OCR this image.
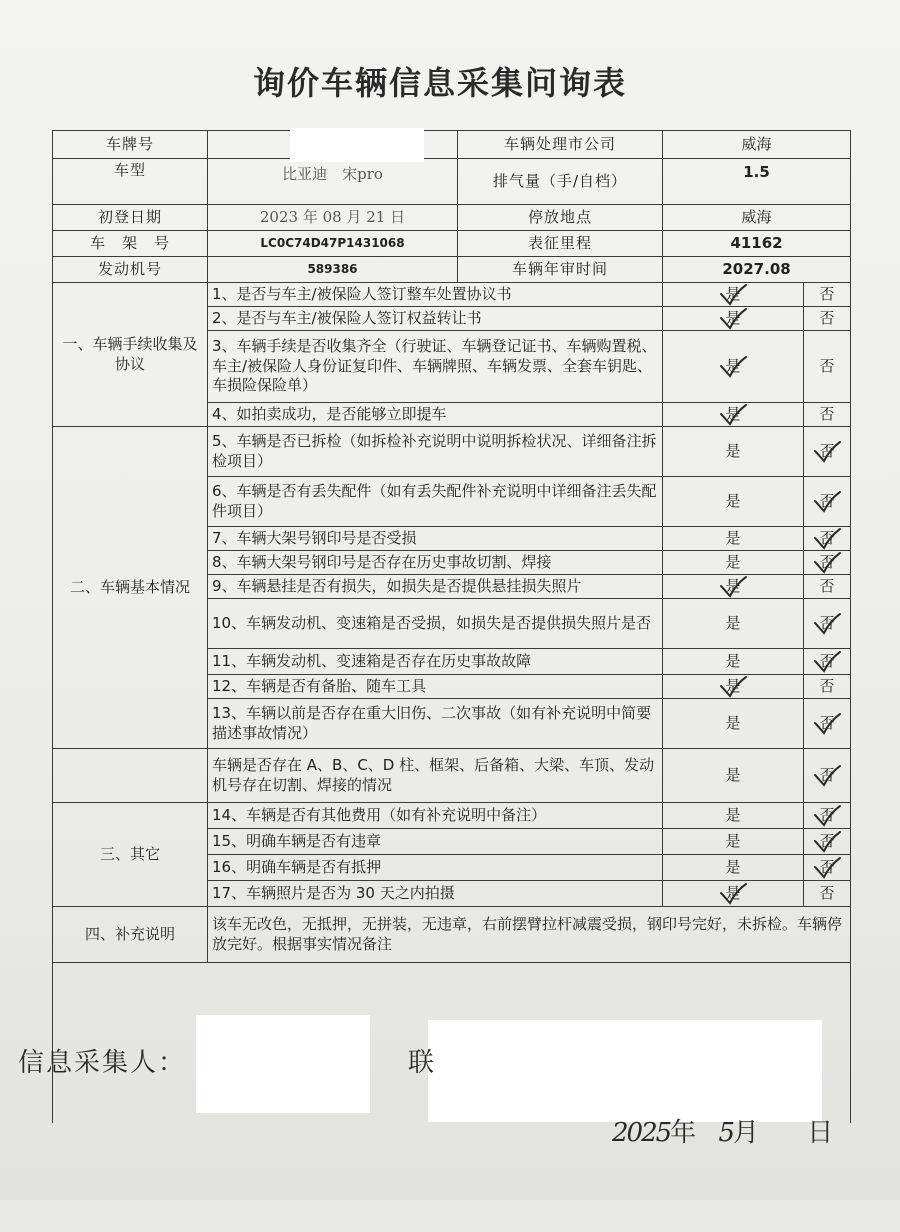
询价车辆信息采集问询表
车牌号		车辆处理市公司	威海	
车型	比亚迪　宋pro	排气量（手/自档）	1.5	
初登日期	2023 年 08 月 21 日	停放地点	威海	
车　架　号	LC0C74D47P1431068	表征里程	41162	
发动机号	589386	车辆年审时间	2027.08	
一、车辆手续收集及协议	1、是否与车主/被保险人签订整车处置协议书		是	否
	2、是否与车主/被保险人签订权益转让书		是	否
	3、车辆手续是否收集齐全（行驶证、车辆登记证书、车辆购置税、车主/被保险人身份证复印件、车辆牌照、车辆发票、全套车钥匙、车损险保险单）		是	否
	4、如拍卖成功，是否能够立即提车		是	否
二、车辆基本情况	5、车辆是否已拆检（如拆检补充说明中说明拆检状况、详细备注拆检项目）		是	否
	6、车辆是否有丢失配件（如有丢失配件补充说明中详细备注丢失配件项目）		是	否
	7、车辆大架号钢印号是否受损		是	否
	8、车辆大架号钢印号是否存在历史事故切割、焊接		是	否
	9、车辆悬挂是否有损失，如损失是否提供悬挂损失照片		是	否
	10、车辆发动机、变速箱是否受损，如损失是否提供损失照片是否		是	否
	11、车辆发动机、变速箱是否存在历史事故故障		是	否
	12、车辆是否有备胎、随车工具		是	否
	13、车辆以前是否存在重大旧伤、二次事故（如有补充说明中简要描述事故情况）		是	否
	车辆是否存在 A、B、C、D 柱、框架、后备箱、大梁、车顶、发动机号存在切割、焊接的情况		是	否
三、其它	14、车辆是否有其他费用（如有补充说明中备注）		是	否
	15、明确车辆是否有违章		是	否
	16、明确车辆是否有抵押		是	否
	17、车辆照片是否为 30 天之内拍摄		是	否
四、补充说明	该车无改色，无抵押，无拼装，无违章，右前摆臂拉杆减震受损，钢印号完好，未拆检。车辆停放完好。根据事实情况备注			

信息采集人：	联
2025年 5月 日
